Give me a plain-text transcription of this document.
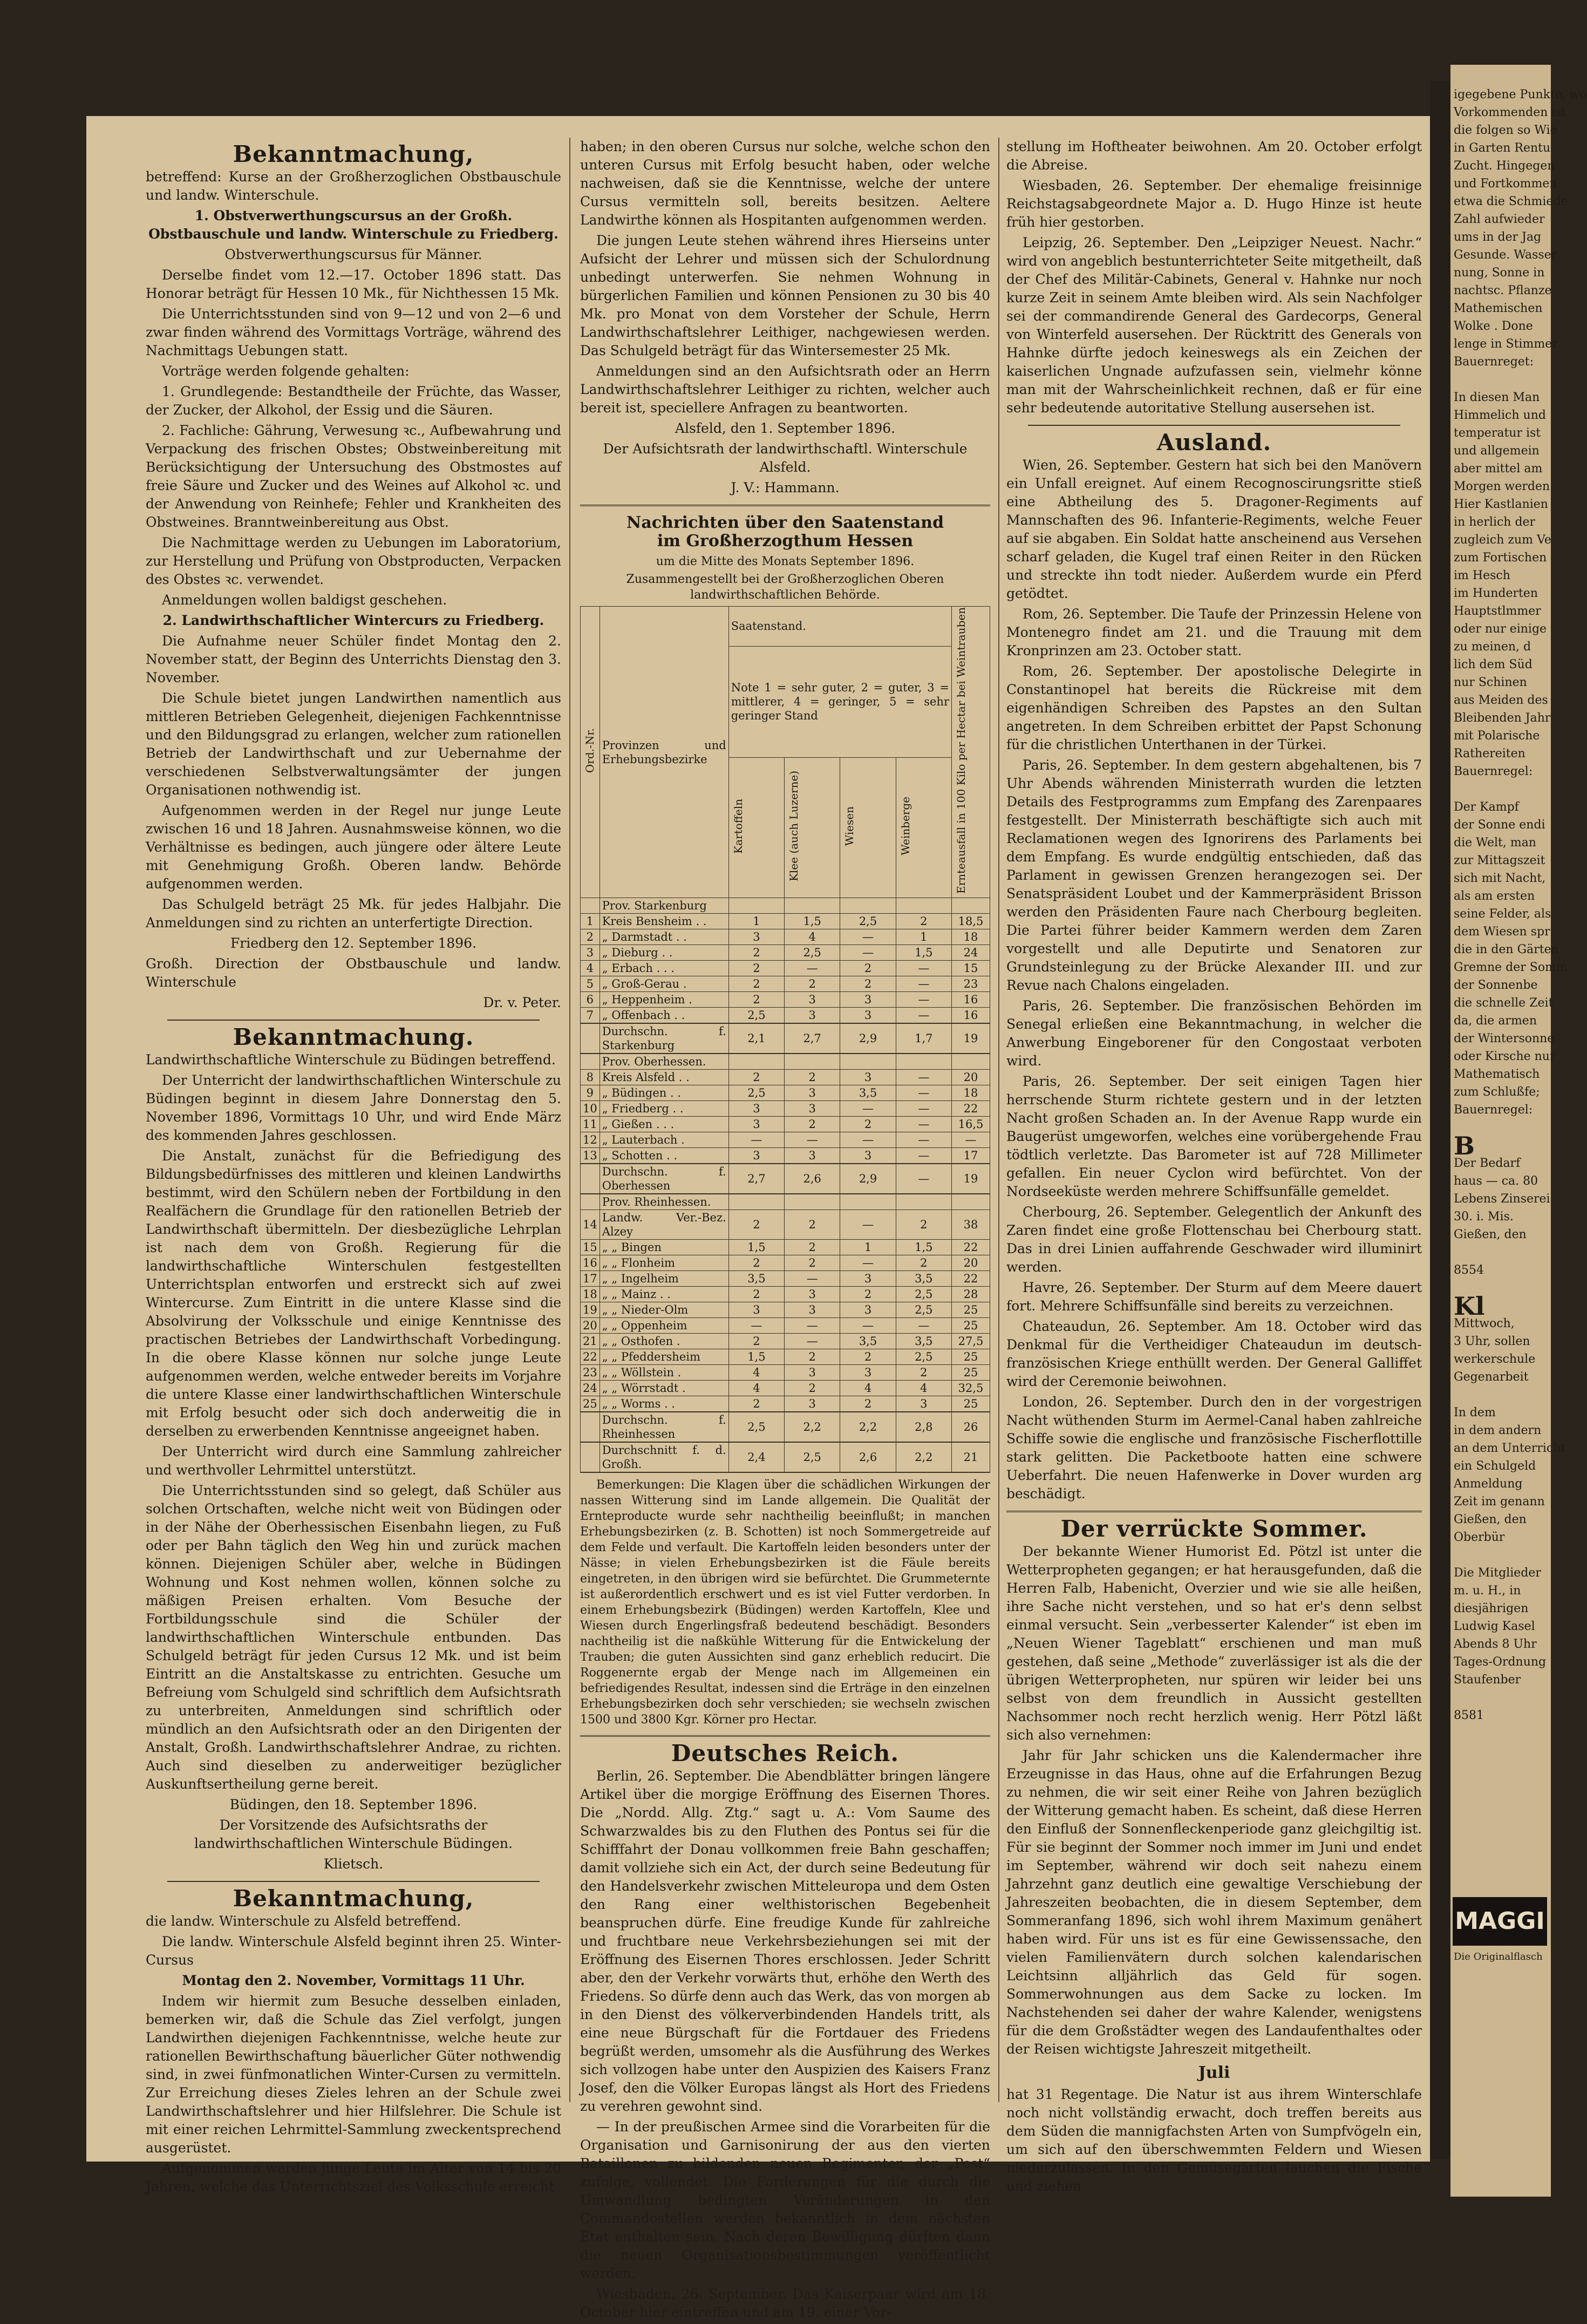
Bekanntmachung,

betreffend: Kurse an der Großherzoglichen Obstbauschule und landw. Winterschule.

1. Obstverwerthungscursus an der Großh. Obstbauschule und landw. Winterschule zu Friedberg.

Obstverwerthungscursus für Männer.

Derselbe findet vom 12.—17. October 1896 statt. Das Honorar beträgt für Hessen 10 Mk., für Nichthessen 15 Mk.

Die Unterrichtsstunden sind von 9—12 und von 2—6 und zwar finden während des Vormittags Vorträge, während des Nachmittags Uebungen statt.

Vorträge werden folgende gehalten:

1. Grundlegende: Bestandtheile der Früchte, das Wasser, der Zucker, der Alkohol, der Essig und die Säuren.

2. Fachliche: Gährung, Verwesung ꝛc., Aufbewahrung und Verpackung des frischen Obstes; Obstweinbereitung mit Berücksichtigung der Untersuchung des Obstmostes auf freie Säure und Zucker und des Weines auf Alkohol ꝛc. und der Anwendung von Reinhefe; Fehler und Krankheiten des Obstweines. Branntweinbereitung aus Obst.

Die Nachmittage werden zu Uebungen im Laboratorium, zur Herstellung und Prüfung von Obstproducten, Verpacken des Obstes ꝛc. verwendet.

Anmeldungen wollen baldigst geschehen.

2. Landwirthschaftlicher Wintercurs zu Friedberg.

Die Aufnahme neuer Schüler findet Montag den 2. November statt, der Beginn des Unterrichts Dienstag den 3. November.

Die Schule bietet jungen Landwirthen namentlich aus mittleren Betrieben Gelegenheit, diejenigen Fachkenntnisse und den Bildungsgrad zu erlangen, welcher zum rationellen Betrieb der Landwirthschaft und zur Uebernahme der verschiedenen Selbstverwaltungsämter der jungen Organisationen nothwendig ist.

Aufgenommen werden in der Regel nur junge Leute zwischen 16 und 18 Jahren. Ausnahmsweise können, wo die Verhältnisse es bedingen, auch jüngere oder ältere Leute mit Genehmigung Großh. Oberen landw. Behörde aufgenommen werden.

Das Schulgeld beträgt 25 Mk. für jedes Halbjahr. Die Anmeldungen sind zu richten an unterfertigte Direction.

Friedberg den 12. September 1896.

Großh. Direction der Obstbauschule und landw. Winterschule

Dr. v. Peter.

Bekanntmachung.

Landwirthschaftliche Winterschule zu Büdingen betreffend.

Der Unterricht der landwirthschaftlichen Winterschule zu Büdingen beginnt in diesem Jahre Donnerstag den 5. November 1896, Vormittags 10 Uhr, und wird Ende März des kommenden Jahres geschlossen.

Die Anstalt, zunächst für die Befriedigung des Bildungsbedürfnisses des mittleren und kleinen Landwirths bestimmt, wird den Schülern neben der Fortbildung in den Realfächern die Grundlage für den rationellen Betrieb der Landwirthschaft übermitteln. Der diesbezügliche Lehrplan ist nach dem von Großh. Regierung für die landwirthschaftliche Winterschulen festgestellten Unterrichtsplan entworfen und erstreckt sich auf zwei Wintercurse. Zum Eintritt in die untere Klasse sind die Absolvirung der Volksschule und einige Kenntnisse des practischen Betriebes der Landwirthschaft Vorbedingung. In die obere Klasse können nur solche junge Leute aufgenommen werden, welche entweder bereits im Vorjahre die untere Klasse einer landwirthschaftlichen Winterschule mit Erfolg besucht oder sich doch anderweitig die in derselben zu erwerbenden Kenntnisse angeeignet haben.

Der Unterricht wird durch eine Sammlung zahlreicher und werthvoller Lehrmittel unterstützt.

Die Unterrichtsstunden sind so gelegt, daß Schüler aus solchen Ortschaften, welche nicht weit von Büdingen oder in der Nähe der Oberhessischen Eisenbahn liegen, zu Fuß oder per Bahn täglich den Weg hin und zurück machen können. Diejenigen Schüler aber, welche in Büdingen Wohnung und Kost nehmen wollen, können solche zu mäßigen Preisen erhalten. Vom Besuche der Fortbildungsschule sind die Schüler der landwirthschaftlichen Winterschule entbunden. Das Schulgeld beträgt für jeden Cursus 12 Mk. und ist beim Eintritt an die Anstaltskasse zu entrichten. Gesuche um Befreiung vom Schulgeld sind schriftlich dem Aufsichtsrath zu unterbreiten, Anmeldungen sind schriftlich oder mündlich an den Aufsichtsrath oder an den Dirigenten der Anstalt, Großh. Landwirthschaftslehrer Andrae, zu richten. Auch sind dieselben zu anderweitiger bezüglicher Auskunftsertheilung gerne bereit.

Büdingen, den 18. September 1896.

Der Vorsitzende des Aufsichtsraths der landwirthschaftlichen Winterschule Büdingen.

Klietsch.

Bekanntmachung,

die landw. Winterschule zu Alsfeld betreffend.

Die landw. Winterschule Alsfeld beginnt ihren 25. Winter-Cursus

Montag den 2. November, Vormittags 11 Uhr.

Indem wir hiermit zum Besuche desselben einladen, bemerken wir, daß die Schule das Ziel verfolgt, jungen Landwirthen diejenigen Fachkenntnisse, welche heute zur rationellen Bewirthschaftung bäuerlicher Güter nothwendig sind, in zwei fünfmonatlichen Winter-Cursen zu vermitteln. Zur Erreichung dieses Zieles lehren an der Schule zwei Landwirthschaftslehrer und hier Hilfslehrer. Die Schule ist mit einer reichen Lehrmittel-Sammlung zweckentsprechend ausgerüstet.

Aufgenommen werden junge Leute im Alter von 14 bis 20 Jahren, welche das Unterrichtsziel des Volksschule erreicht

haben; in den oberen Cursus nur solche, welche schon den unteren Cursus mit Erfolg besucht haben, oder welche nachweisen, daß sie die Kenntnisse, welche der untere Cursus vermitteln soll, bereits besitzen. Aeltere Landwirthe können als Hospitanten aufgenommen werden.

Die jungen Leute stehen während ihres Hierseins unter Aufsicht der Lehrer und müssen sich der Schulordnung unbedingt unterwerfen. Sie nehmen Wohnung in bürgerlichen Familien und können Pensionen zu 30 bis 40 Mk. pro Monat von dem Vorsteher der Schule, Herrn Landwirthschaftslehrer Leithiger, nachgewiesen werden. Das Schulgeld beträgt für das Wintersemester 25 Mk.

Anmeldungen sind an den Aufsichtsrath oder an Herrn Landwirthschaftslehrer Leithiger zu richten, welcher auch bereit ist, speciellere Anfragen zu beantworten.

Alsfeld, den 1. September 1896.

Der Aufsichtsrath der landwirthschaftl. Winterschule Alsfeld.

J. V.: Hammann.

Nachrichten über den Saatenstand
im Großherzogthum Hessen

um die Mitte des Monats September 1896.

Zusammengestellt bei der Großherzoglichen Oberen landwirthschaftlichen Behörde.

Ord.-Nr.	Provinzen und Erhebungsbezirke	Saatenstand.				Ernteausfall in 100 Kilo per Hectar bei Weintrauben
		Note 1 = sehr guter, 2 = guter, 3 = mittlerer, 4 = geringer, 5 = sehr geringer Stand				
		Kartoffeln	Klee (auch Luzerne)	Wiesen	Weinberge	
	Prov. Starkenburg					
1	Kreis Bensheim . .	1	1,5	2,5	2	18,5
2	„ Darmstadt . .	3	4	—	1	18
3	„ Dieburg . .	2	2,5	—	1,5	24
4	„ Erbach . . .	2	—	2	—	15
5	„ Groß-Gerau .	2	2	2	—	23
6	„ Heppenheim .	2	3	3	—	16
7	„ Offenbach . .	2,5	3	3	—	16
	Durchschn. f. Starkenburg	2,1	2,7	2,9	1,7	19
	Prov. Oberhessen.					
8	Kreis Alsfeld . .	2	2	3	—	20
9	„ Büdingen . .	2,5	3	3,5	—	18
10	„ Friedberg . .	3	3	—	—	22
11	„ Gießen . . .	3	2	2	—	16,5
12	„ Lauterbach .	—	—	—	—	—
13	„ Schotten . .	3	3	3	—	17
	Durchschn. f. Oberhessen	2,7	2,6	2,9	—	19
	Prov. Rheinhessen.					
14	Landw. Ver.-Bez. Alzey	2	2	—	2	38
15	„ „ Bingen	1,5	2	1	1,5	22
16	„ „ Flonheim	2	2	—	2	20
17	„ „ Ingelheim	3,5	—	3	3,5	22
18	„ „ Mainz . .	2	3	2	2,5	28
19	„ „ Nieder-Olm	3	3	3	2,5	25
20	„ „ Oppenheim	—	—	—	—	25
21	„ „ Osthofen .	2	—	3,5	3,5	27,5
22	„ „ Pfeddersheim	1,5	2	2	2,5	25
23	„ „ Wöllstein .	4	3	3	2	25
24	„ „ Wörrstadt .	4	2	4	4	32,5
25	„ „ Worms . .	2	3	2	3	25
	Durchschn. f. Rheinhessen	2,5	2,2	2,2	2,8	26
	Durchschnitt f. d. Großh.	2,4	2,5	2,6	2,2	21

Bemerkungen: Die Klagen über die schädlichen Wirkungen der nassen Witterung sind im Lande allgemein. Die Qualität der Ernteproducte wurde sehr nachtheilig beeinflußt; in manchen Erhebungsbezirken (z. B. Schotten) ist noch Sommergetreide auf dem Felde und verfault. Die Kartoffeln leiden besonders unter der Nässe; in vielen Erhebungsbezirken ist die Fäule bereits eingetreten, in den übrigen wird sie befürchtet. Die Grummeternte ist außerordentlich erschwert und es ist viel Futter verdorben. In einem Erhebungsbezirk (Büdingen) werden Kartoffeln, Klee und Wiesen durch Engerlingsfraß bedeutend beschädigt. Besonders nachtheilig ist die naßkühle Witterung für die Entwickelung der Trauben; die guten Aussichten sind ganz erheblich reducirt. Die Roggenernte ergab der Menge nach im Allgemeinen ein befriedigendes Resultat, indessen sind die Erträge in den einzelnen Erhebungsbezirken doch sehr verschieden; sie wechseln zwischen 1500 und 3800 Kgr. Körner pro Hectar.

Deutsches Reich.

Berlin, 26. September. Die Abendblätter bringen längere Artikel über die morgige Eröffnung des Eisernen Thores. Die „Nordd. Allg. Ztg.“ sagt u. A.: Vom Saume des Schwarzwaldes bis zu den Fluthen des Pontus sei für die Schifffahrt der Donau vollkommen freie Bahn geschaffen; damit vollziehe sich ein Act, der durch seine Bedeutung für den Handelsverkehr zwischen Mitteleuropa und dem Osten den Rang einer welthistorischen Begebenheit beanspruchen dürfe. Eine freudige Kunde für zahlreiche und fruchtbare neue Verkehrsbeziehungen sei mit der Eröffnung des Eisernen Thores erschlossen. Jeder Schritt aber, den der Verkehr vorwärts thut, erhöhe den Werth des Friedens. So dürfe denn auch das Werk, das von morgen ab in den Dienst des völkerverbindenden Handels tritt, als eine neue Bürgschaft für die Fortdauer des Friedens begrüßt werden, umsomehr als die Ausführung des Werkes sich vollzogen habe unter den Auspizien des Kaisers Franz Josef, den die Völker Europas längst als Hort des Friedens zu verehren gewohnt sind.

— In der preußischen Armee sind die Vorarbeiten für die Organisation und Garnisonirung der aus den vierten Bataillonen zu bildenden neuen Regimenter, der „Post“ zufolge, vollendet. Die Forderungen für die durch die Umwandlung bedingten Veränderungen in den Commandostellen werden bekanntlich in dem nächsten Etat enthalten sein. Nach deren Bewilligung dürften dann die neuen Organisationsbestimmungen veröffentlicht werden.

Wiesbaden, 26. September. Das Kaiserpaar wird am 18. October hier eintreffen und am 19. einer Vor-

stellung im Hoftheater beiwohnen. Am 20. October erfolgt die Abreise.

Wiesbaden, 26. September. Der ehemalige freisinnige Reichstagsabgeordnete Major a. D. Hugo Hinze ist heute früh hier gestorben.

Leipzig, 26. September. Den „Leipziger Neuest. Nachr.“ wird von angeblich bestunterrichteter Seite mitgetheilt, daß der Chef des Militär-Cabinets, General v. Hahnke nur noch kurze Zeit in seinem Amte bleiben wird. Als sein Nachfolger sei der commandirende General des Gardecorps, General von Winterfeld ausersehen. Der Rücktritt des Generals von Hahnke dürfte jedoch keineswegs als ein Zeichen der kaiserlichen Ungnade aufzufassen sein, vielmehr könne man mit der Wahrscheinlichkeit rechnen, daß er für eine sehr bedeutende autoritative Stellung ausersehen ist.

Ausland.

Wien, 26. September. Gestern hat sich bei den Manövern ein Unfall ereignet. Auf einem Recognoscirungsritte stieß eine Abtheilung des 5. Dragoner-Regiments auf Mannschaften des 96. Infanterie-Regiments, welche Feuer auf sie abgaben. Ein Soldat hatte anscheinend aus Versehen scharf geladen, die Kugel traf einen Reiter in den Rücken und streckte ihn todt nieder. Außerdem wurde ein Pferd getödtet.

Rom, 26. September. Die Taufe der Prinzessin Helene von Montenegro findet am 21. und die Trauung mit dem Kronprinzen am 23. October statt.

Rom, 26. September. Der apostolische Delegirte in Constantinopel hat bereits die Rückreise mit dem eigenhändigen Schreiben des Papstes an den Sultan angetreten. In dem Schreiben erbittet der Papst Schonung für die christlichen Unterthanen in der Türkei.

Paris, 26. September. In dem gestern abgehaltenen, bis 7 Uhr Abends währenden Ministerrath wurden die letzten Details des Festprogramms zum Empfang des Zarenpaares festgestellt. Der Ministerrath beschäftigte sich auch mit Reclamationen wegen des Ignorirens des Parlaments bei dem Empfang. Es wurde endgültig entschieden, daß das Parlament in gewissen Grenzen herangezogen sei. Der Senatspräsident Loubet und der Kammerpräsident Brisson werden den Präsidenten Faure nach Cherbourg begleiten. Die Partei führer beider Kammern werden dem Zaren vorgestellt und alle Deputirte und Senatoren zur Grundsteinlegung zu der Brücke Alexander III. und zur Revue nach Chalons eingeladen.

Paris, 26. September. Die französischen Behörden im Senegal erließen eine Bekanntmachung, in welcher die Anwerbung Eingeborener für den Congostaat verboten wird.

Paris, 26. September. Der seit einigen Tagen hier herrschende Sturm richtete gestern und in der letzten Nacht großen Schaden an. In der Avenue Rapp wurde ein Baugerüst umgeworfen, welches eine vorübergehende Frau tödtlich verletzte. Das Barometer ist auf 728 Millimeter gefallen. Ein neuer Cyclon wird befürchtet. Von der Nordseeküste werden mehrere Schiffsunfälle gemeldet.

Cherbourg, 26. September. Gelegentlich der Ankunft des Zaren findet eine große Flottenschau bei Cherbourg statt. Das in drei Linien auffahrende Geschwader wird illuminirt werden.

Havre, 26. September. Der Sturm auf dem Meere dauert fort. Mehrere Schiffsunfälle sind bereits zu verzeichnen.

Chateaudun, 26. September. Am 18. October wird das Denkmal für die Vertheidiger Chateaudun im deutsch-französischen Kriege enthüllt werden. Der General Galliffet wird der Ceremonie beiwohnen.

London, 26. September. Durch den in der vorgestrigen Nacht wüthenden Sturm im Aermel-Canal haben zahlreiche Schiffe sowie die englische und französische Fischerflottille stark gelitten. Die Packetboote hatten eine schwere Ueberfahrt. Die neuen Hafenwerke in Dover wurden arg beschädigt.

Der verrückte Sommer.

Der bekannte Wiener Humorist Ed. Pötzl ist unter die Wetterpropheten gegangen; er hat herausgefunden, daß die Herren Falb, Habenicht, Overzier und wie sie alle heißen, ihre Sache nicht verstehen, und so hat er's denn selbst einmal versucht. Sein „verbesserter Kalender“ ist eben im „Neuen Wiener Tageblatt“ erschienen und man muß gestehen, daß seine „Methode“ zuverlässiger ist als die der übrigen Wetterpropheten, nur spüren wir leider bei uns selbst von dem freundlich in Aussicht gestellten Nachsommer noch recht herzlich wenig. Herr Pötzl läßt sich also vernehmen:

Jahr für Jahr schicken uns die Kalendermacher ihre Erzeugnisse in das Haus, ohne auf die Erfahrungen Bezug zu nehmen, die wir seit einer Reihe von Jahren bezüglich der Witterung gemacht haben. Es scheint, daß diese Herren den Einfluß der Sonnenfleckenperiode ganz gleichgiltig ist. Für sie beginnt der Sommer noch immer im Juni und endet im September, während wir doch seit nahezu einem Jahrzehnt ganz deutlich eine gewaltige Verschiebung der Jahreszeiten beobachten, die in diesem September, dem Sommeranfang 1896, sich wohl ihrem Maximum genähert haben wird. Für uns ist es für eine Gewissenssache, den vielen Familienvätern durch solchen kalendarischen Leichtsinn alljährlich das Geld für sogen. Sommerwohnungen aus dem Sacke zu locken. Im Nachstehenden sei daher der wahre Kalender, wenigstens für die dem Großstädter wegen des Landaufenthaltes oder der Reisen wichtigste Jahreszeit mitgetheilt.

Juli

hat 31 Regentage. Die Natur ist aus ihrem Winterschlafe noch nicht vollständig erwacht, doch treffen bereits aus dem Süden die mannigfachsten Arten von Sumpfvögeln ein, um sich auf den überschwemmten Feldern und Wiesen niederzulassen. In den Gemüsegärten lauchen die Fische und ziehen

igegebene Punkte, wo
Vorkommenden ist
die folgen so Wie
in Garten Rentu
Zucht. Hingegen
und Fortkommen
etwa die Schmiede
Zahl aufwieder
ums in der Jag
Gesunde. Wasser
nung, Sonne in
nachtsc. Pflanze
Mathemischen
Wolke . Done
lenge in Stimmer
Bauernreget:
In diesen Man
Himmelich und
temperatur ist
und allgemein
aber mittel am
Morgen werden
Hier Kastlanien
in herlich der
zugleich zum Ve
zum Fortischen
im Hesch
im Hunderten
Hauptstlmmer
oder nur einige
zu meinen, d
lich dem Süd
nur Schinen
aus Meiden des
Bleibenden Jahr
mit Polarische
Rathereiten
Bauernregel:
Der Kampf
der Sonne endi
die Welt, man
zur Mittagszeit
sich mit Nacht,
als am ersten
seine Felder, als
dem Wiesen spr
die in den Gärten
Gremne der Somm
der Sonnenbe
die schnelle Zeit
da, die armen
der Wintersonne
oder Kirsche nur
Mathematisch
zum Schlußfe;
Bauernregel:
B
Der Bedarf
haus — ca. 80
Lebens Zinserei
30. i. Mis.
Gießen, den
8554
Kl
Mittwoch,
3 Uhr, sollen
werkerschule
Gegenarbeit
In dem
in dem andern
an dem Unterricht
ein Schulgeld
Anmeldung
Zeit im genann
Gießen, den
Oberbür
Die Mitglieder
m. u. H., in
diesjährigen
Ludwig Kasel
Abends 8 Uhr
Tages-Ordnung
Staufenber
8581
MAGGI
Die Originalflasch
